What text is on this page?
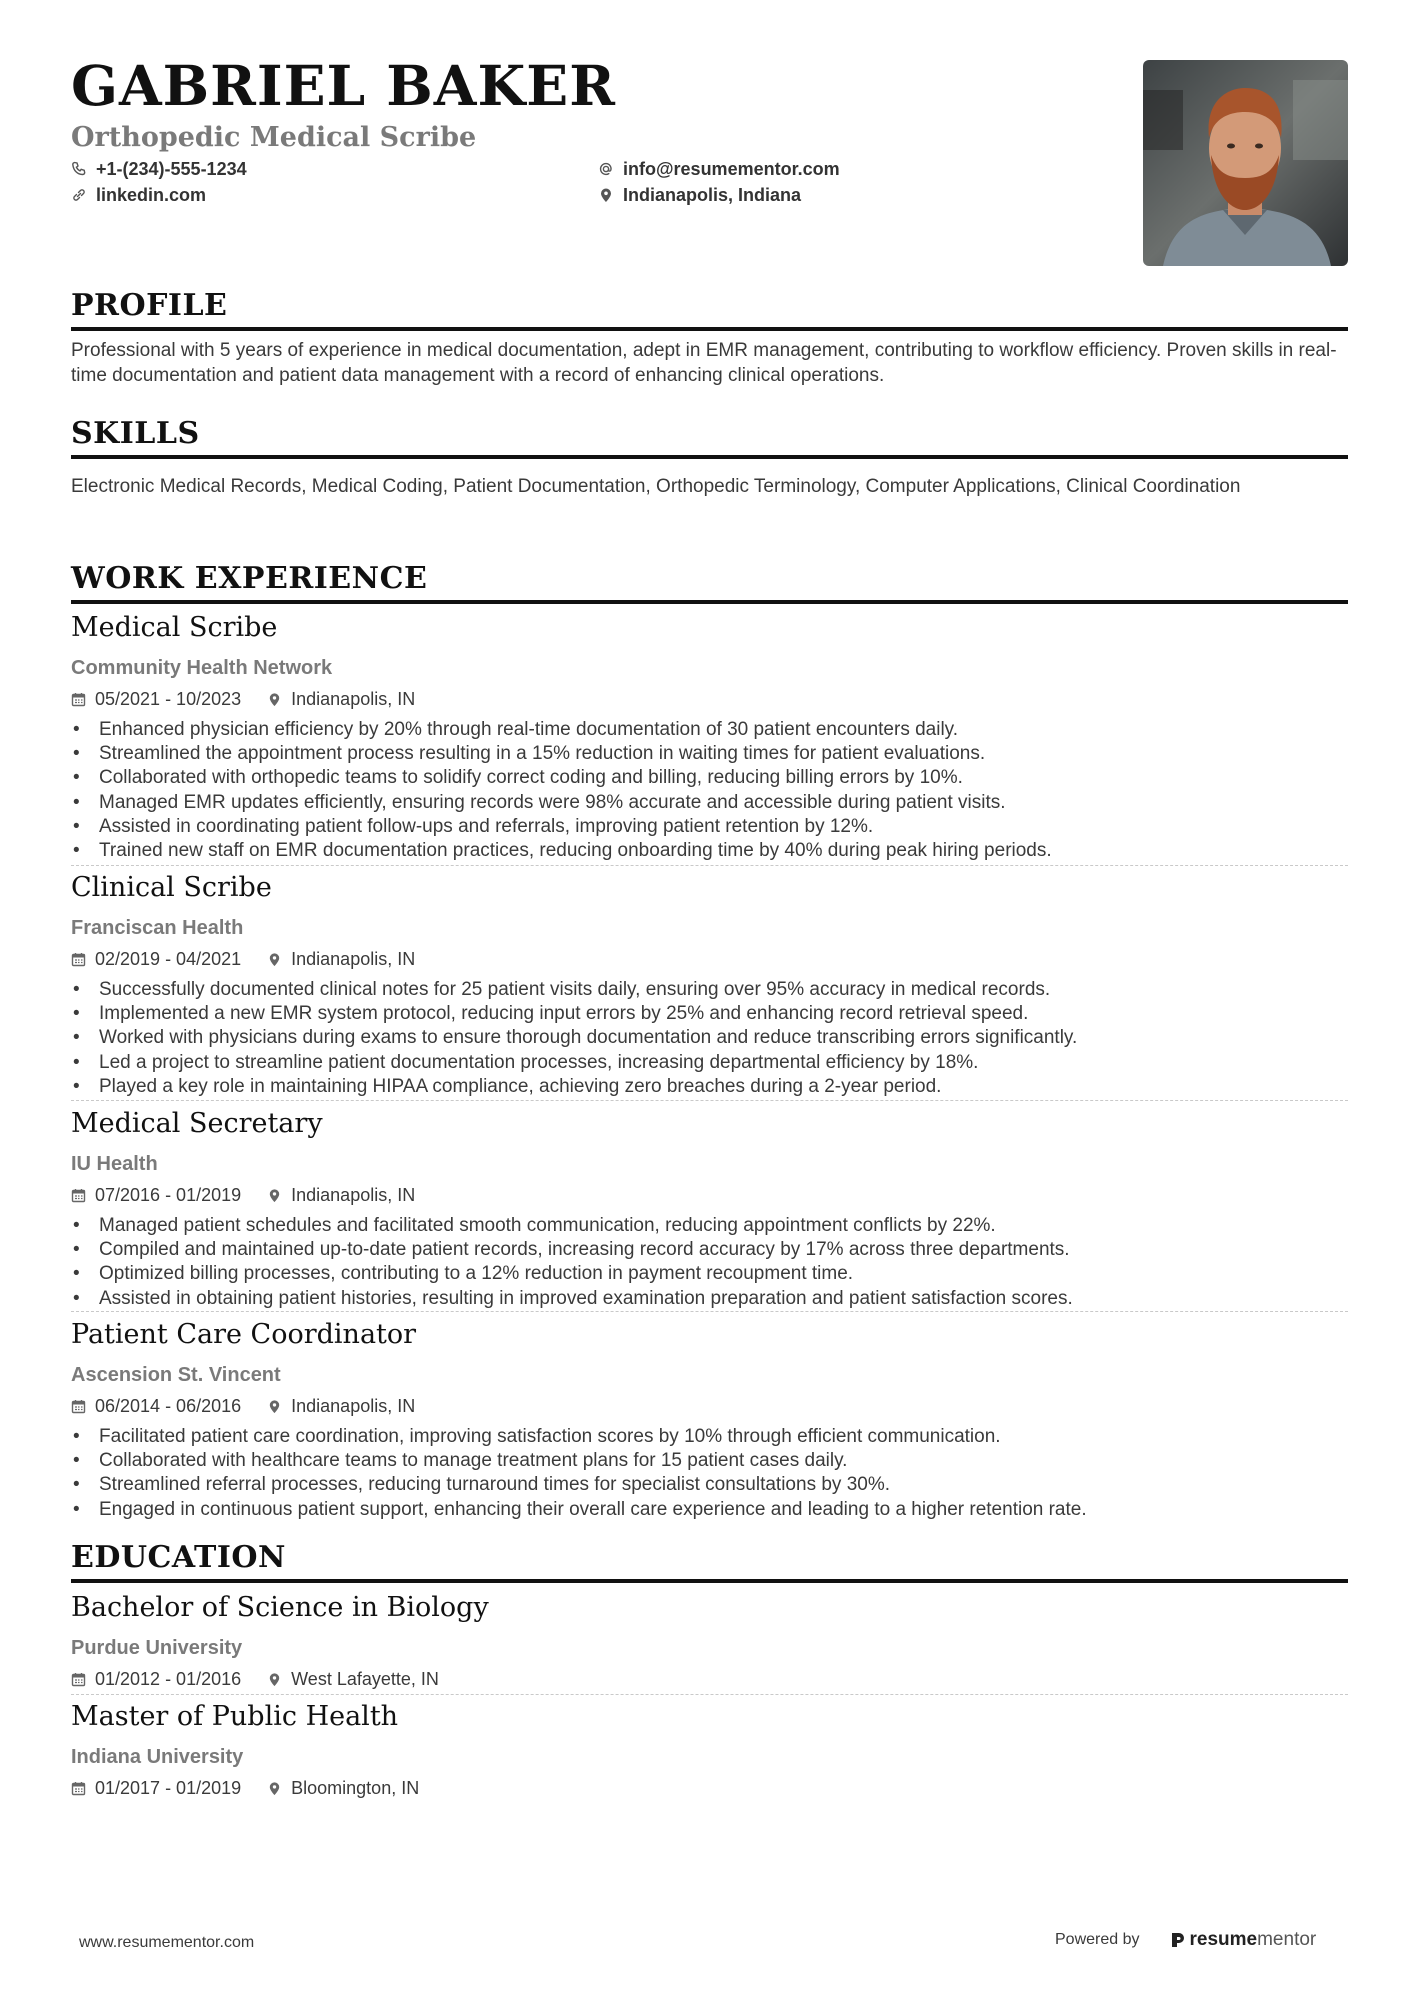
GABRIEL BAKER
Orthopedic Medical Scribe
+1-(234)-555-1234
linkedin.com
info@resumementor.com
Indianapolis, Indiana
PROFILE
Professional with 5 years of experience in medical documentation, adept in EMR management, contributing to workflow efficiency. Proven skills in real-time documentation and patient data management with a record of enhancing clinical operations.
SKILLS
Electronic Medical Records, Medical Coding, Patient Documentation, Orthopedic Terminology, Computer Applications, Clinical Coordination
WORK EXPERIENCE
Medical Scribe
Community Health Network
05/2021 - 10/2023	Indianapolis, IN
• Enhanced physician efficiency by 20% through real-time documentation of 30 patient encounters daily.
• Streamlined the appointment process resulting in a 15% reduction in waiting times for patient evaluations.
• Collaborated with orthopedic teams to solidify correct coding and billing, reducing billing errors by 10%.
• Managed EMR updates efficiently, ensuring records were 98% accurate and accessible during patient visits.
• Assisted in coordinating patient follow-ups and referrals, improving patient retention by 12%.
• Trained new staff on EMR documentation practices, reducing onboarding time by 40% during peak hiring periods.
Clinical Scribe
Franciscan Health
02/2019 - 04/2021	Indianapolis, IN
• Successfully documented clinical notes for 25 patient visits daily, ensuring over 95% accuracy in medical records.
• Implemented a new EMR system protocol, reducing input errors by 25% and enhancing record retrieval speed.
• Worked with physicians during exams to ensure thorough documentation and reduce transcribing errors significantly.
• Led a project to streamline patient documentation processes, increasing departmental efficiency by 18%.
• Played a key role in maintaining HIPAA compliance, achieving zero breaches during a 2-year period.
Medical Secretary
IU Health
07/2016 - 01/2019	Indianapolis, IN
• Managed patient schedules and facilitated smooth communication, reducing appointment conflicts by 22%.
• Compiled and maintained up-to-date patient records, increasing record accuracy by 17% across three departments.
• Optimized billing processes, contributing to a 12% reduction in payment recoupment time.
• Assisted in obtaining patient histories, resulting in improved examination preparation and patient satisfaction scores.
Patient Care Coordinator
Ascension St. Vincent
06/2014 - 06/2016	Indianapolis, IN
• Facilitated patient care coordination, improving satisfaction scores by 10% through efficient communication.
• Collaborated with healthcare teams to manage treatment plans for 15 patient cases daily.
• Streamlined referral processes, reducing turnaround times for specialist consultations by 30%.
• Engaged in continuous patient support, enhancing their overall care experience and leading to a higher retention rate.
EDUCATION
Bachelor of Science in Biology
Purdue University
01/2012 - 01/2016	West Lafayette, IN
Master of Public Health
Indiana University
01/2017 - 01/2019	Bloomington, IN
www.resumementor.com	Powered by	resume mentor
